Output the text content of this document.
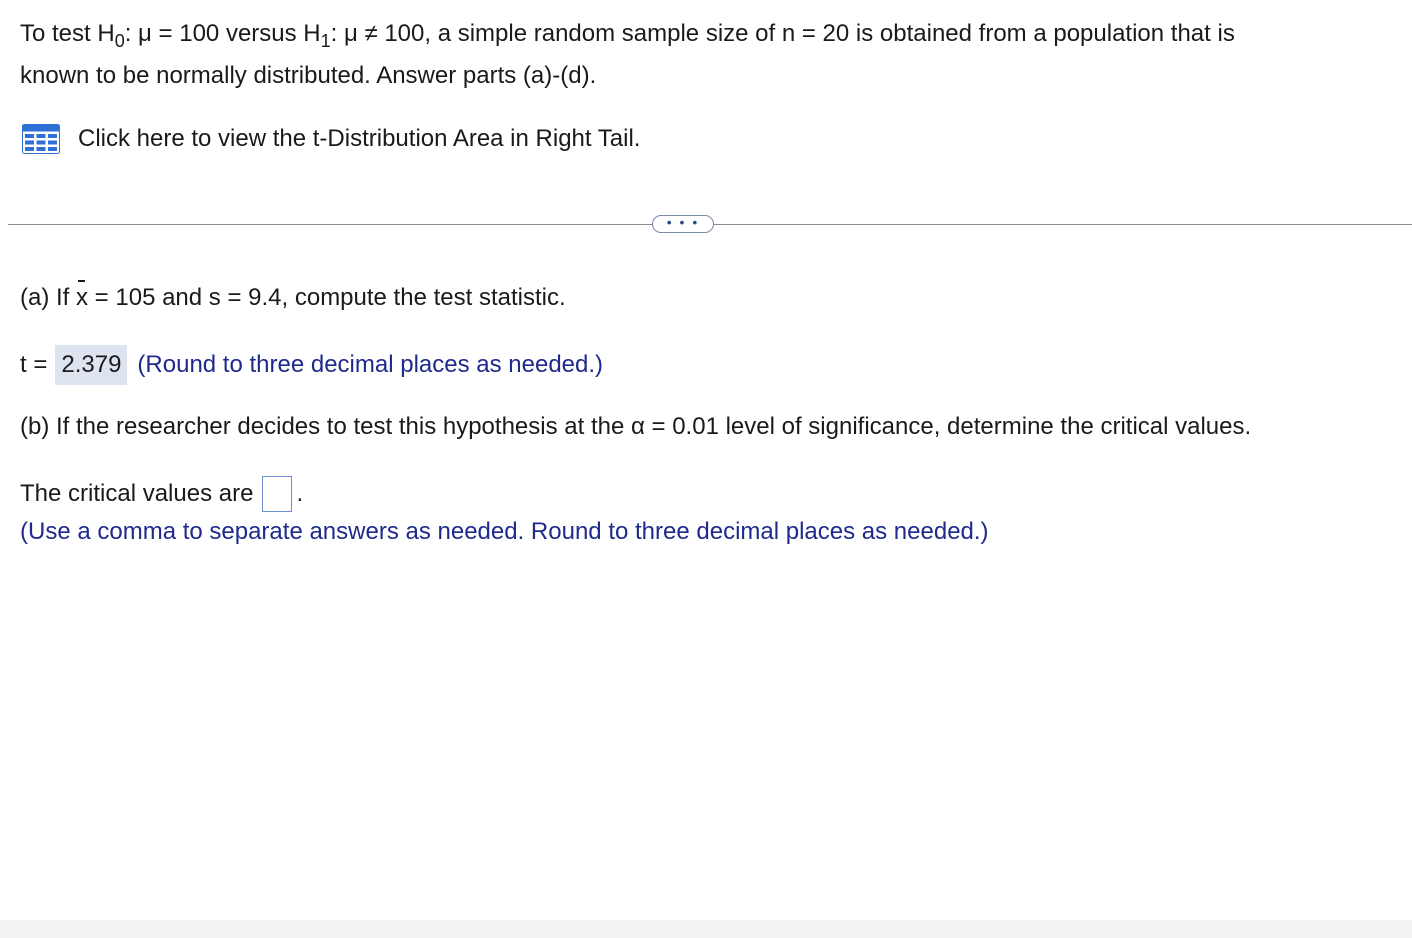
To test $H_0$: μ = 100 versus $H_1$: μ ≠ 100, a simple random sample size of n = 20 is obtained from a population that is
known to be normally distributed. Answer parts (a)-(d).
Click here to view the t-Distribution Area in Right Tail.
• • •
(a) If x = 105 and s = 9.4, compute the test statistic.
t = 2.379 (Round to three decimal places as needed.)
(b) If the researcher decides to test this hypothesis at the α = 0.01 level of significance, determine the critical values.
The critical values are .
(Use a comma to separate answers as needed. Round to three decimal places as needed.)
